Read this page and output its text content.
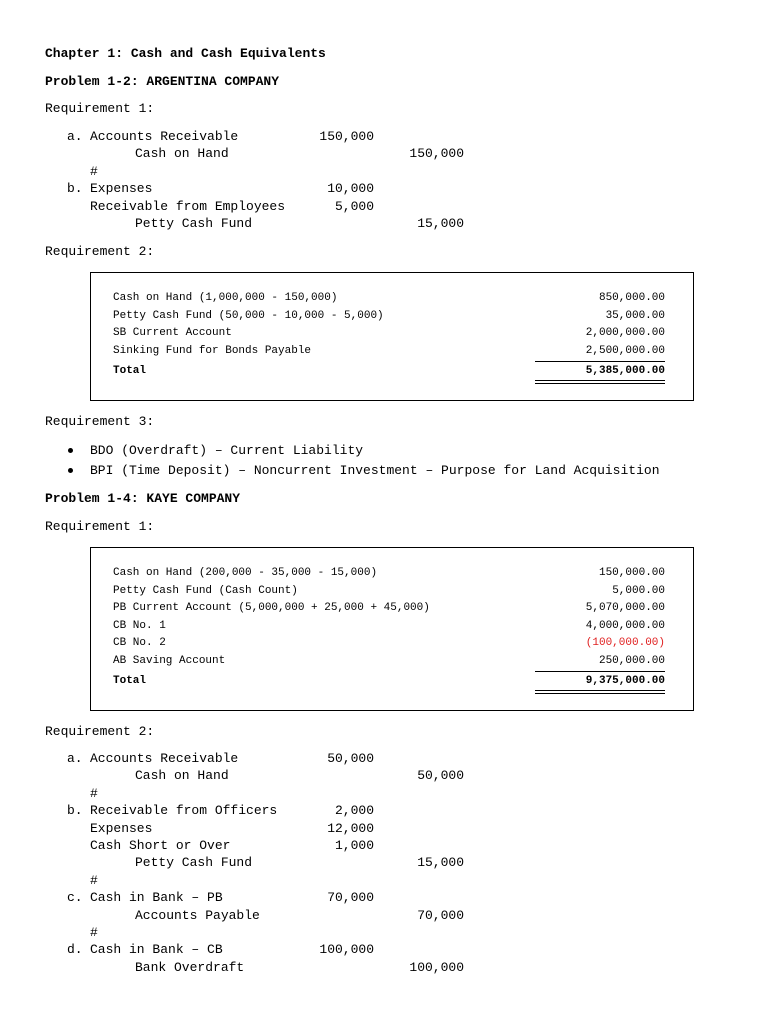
Chapter 1: Cash and Cash Equivalents
Problem 1-2: ARGENTINA COMPANY
Requirement 1:
a. Accounts Receivable	150,000
Cash on Hand	150,000
#
b. Expenses	10,000
Receivable from Employees	5,000
Petty Cash Fund	15,000
Requirement 2:
Cash on Hand (1,000,000 - 150,000)	850,000.00
Petty Cash Fund (50,000 - 10,000 - 5,000)	35,000.00
SB Current Account	2,000,000.00
Sinking Fund for Bonds Payable	2,500,000.00
Total	5,385,000.00
Requirement 3:
BDO (Overdraft) – Current Liability
BPI (Time Deposit) – Noncurrent Investment – Purpose for Land Acquisition
Problem 1-4: KAYE COMPANY
Requirement 1:
Cash on Hand (200,000 - 35,000 - 15,000)	150,000.00
Petty Cash Fund (Cash Count)	5,000.00
PB Current Account (5,000,000 + 25,000 + 45,000)	5,070,000.00
CB No. 1	4,000,000.00
CB No. 2	(100,000.00)
AB Saving Account	250,000.00
Total	9,375,000.00
Requirement 2:
a. Accounts Receivable	50,000
Cash on Hand	50,000
#
b. Receivable from Officers	2,000
Expenses	12,000
Cash Short or Over	1,000
Petty Cash Fund	15,000
#
c. Cash in Bank – PB	70,000
Accounts Payable	70,000
#
d. Cash in Bank – CB	100,000
Bank Overdraft	100,000
